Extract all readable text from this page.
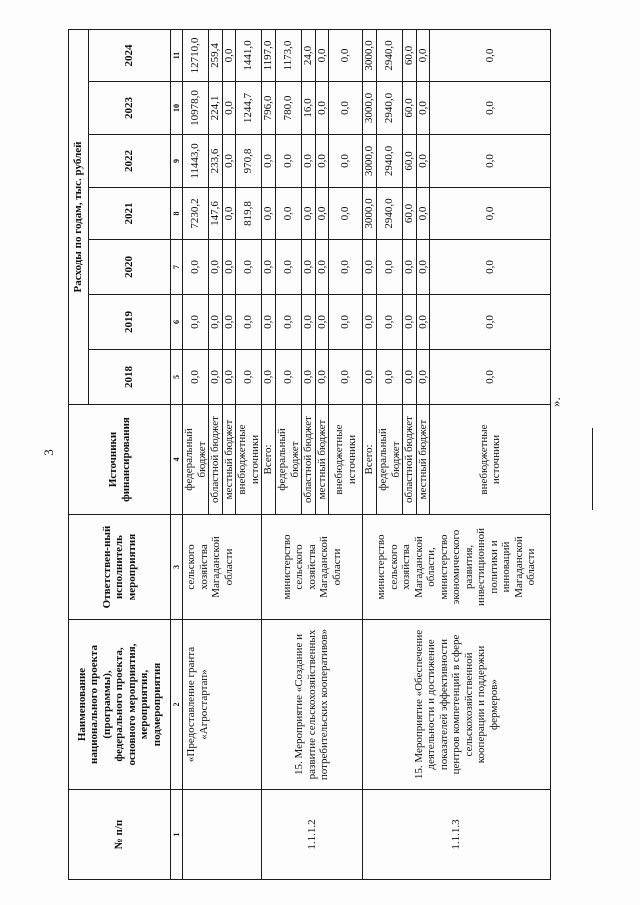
3
№ п/п	Наименование национального проекта (программы), федерального проекта, основного мероприятия, мероприятия, подмероприятия	Ответствен-ный исполнитель мероприятия	Источники финансирования	Расходы по годам, тыс. рублей						
				2018	2019	2020	2021	2022	2023	2024
1	2	3	4	5	6	7	8	9	10	11
	«Предоставление гранта «Агростартап»	сельского хозяйства Магаданской области	федеральный бюджет	0,0	0,0	0,0	7230,2	11443,0	10978,0	12710,0
			областной бюджет	0,0	0,0	0,0	147,6	233,6	224,1	259,4
			местный бюджет	0,0	0,0	0,0	0,0	0,0	0,0	0,0
			внебюджетные источники	0,0	0,0	0,0	819,8	970,8	1244,7	1441,0
1.1.1.2	15. Мероприятие «Создание и развитие сельскохозяйственных потребительских кооперативов»	министерство сельского хозяйства Магаданской области	Всего:	0,0	0,0	0,0	0,0	0,0	796,0	1197,0
			федеральный бюджет	0,0	0,0	0,0	0,0	0,0	780,0	1173,0
			областной бюджет	0,0	0,0	0,0	0,0	0,0	16,0	24,0
			местный бюджет	0,0	0,0	0,0	0,0	0,0	0,0	0,0
			внебюджетные источники	0,0	0,0	0,0	0,0	0,0	0,0	0,0
1.1.1.3	15. Мероприятие «Обеспечение деятельности и достижение показателей эффективности центров компетенций в сфере сельскохозяйственной кооперации и поддержки фермеров»	министерство сельского хозяйства Магаданской области, министерство экономического развития, инвестиционной политики и инноваций Магаданской области	Всего:	0,0	0,0	0,0	3000,0	3000,0	3000,0	3000,0
			федеральный бюджет	0,0	0,0	0,0	2940,0	2940,0	2940,0	2940,0
			областной бюджет	0,0	0,0	0,0	60,0	60,0	60,0	60,0
			местный бюджет	0,0	0,0	0,0	0,0	0,0	0,0	0,0
			внебюджетные источники	0,0	0,0	0,0	0,0	0,0	0,0	0,0
».
